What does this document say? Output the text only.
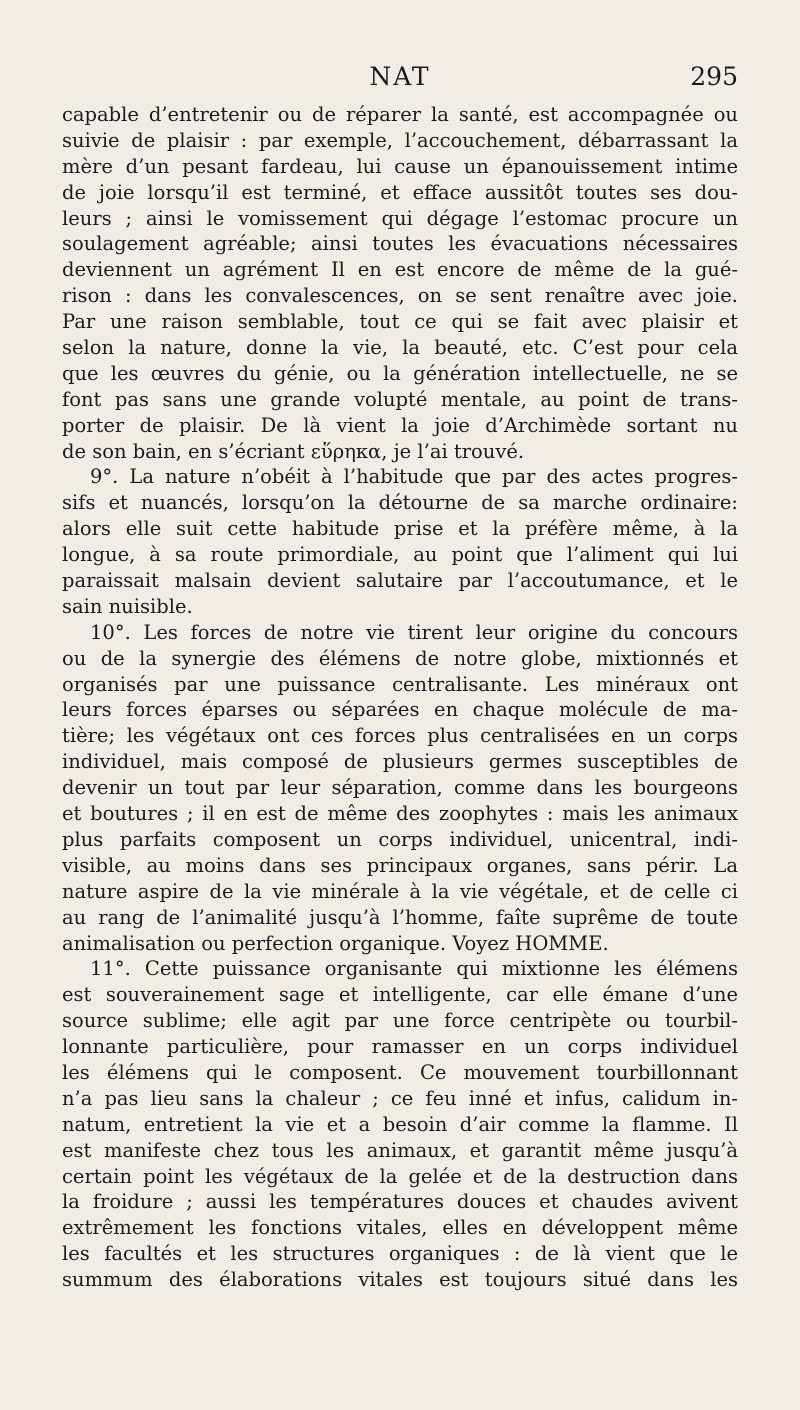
NAT	295
capable d’entretenir ou de réparer la santé, est accompagnée ou
suivie de plaisir : par exemple, l’accouchement, débarrassant la
mère d’un pesant fardeau, lui cause un épanouissement intime
de joie lorsqu’il est terminé, et efface aussitôt toutes ses dou-
leurs ; ainsi le vomissement qui dégage l’estomac procure un
soulagement agréable; ainsi toutes les évacuations nécessaires
deviennent un agrément Il en est encore de même de la gué-
rison : dans les convalescences, on se sent renaître avec joie.
Par une raison semblable, tout ce qui se fait avec plaisir et
selon la nature, donne la vie, la beauté, etc. C’est pour cela
que les œuvres du génie, ou la génération intellectuelle, ne se
font pas sans une grande volupté mentale, au point de trans-
porter de plaisir. De là vient la joie d’Archimède sortant nu
de son bain, en s’écriant εὕρηκα, je l’ai trouvé.
9°. La nature n’obéit à l’habitude que par des actes progres-
sifs et nuancés, lorsqu’on la détourne de sa marche ordinaire:
alors elle suit cette habitude prise et la préfère même, à la
longue, à sa route primordiale, au point que l’aliment qui lui
paraissait malsain devient salutaire par l’accoutumance, et le
sain nuisible.
10°. Les forces de notre vie tirent leur origine du concours
ou de la synergie des élémens de notre globe, mixtionnés et
organisés par une puissance centralisante. Les minéraux ont
leurs forces éparses ou séparées en chaque molécule de ma-
tière; les végétaux ont ces forces plus centralisées en un corps
individuel, mais composé de plusieurs germes susceptibles de
devenir un tout par leur séparation, comme dans les bourgeons
et boutures ; il en est de même des zoophytes : mais les animaux
plus parfaits composent un corps individuel, unicentral, indi-
visible, au moins dans ses principaux organes, sans périr. La
nature aspire de la vie minérale à la vie végétale, et de celle ci
au rang de l’animalité jusqu’à l’homme, faîte suprême de toute
animalisation ou perfection organique. Voyez HOMME.
11°. Cette puissance organisante qui mixtionne les élémens
est souverainement sage et intelligente, car elle émane d’une
source sublime; elle agit par une force centripète ou tourbil-
lonnante particulière, pour ramasser en un corps individuel
les élémens qui le composent. Ce mouvement tourbillonnant
n’a pas lieu sans la chaleur ; ce feu inné et infus, calidum in-
natum, entretient la vie et a besoin d’air comme la flamme. Il
est manifeste chez tous les animaux, et garantit même jusqu’à
certain point les végétaux de la gelée et de la destruction dans
la froidure ; aussi les températures douces et chaudes avivent
extrêmement les fonctions vitales, elles en développent même
les facultés et les structures organiques : de là vient que le
summum des élaborations vitales est toujours situé dans les
